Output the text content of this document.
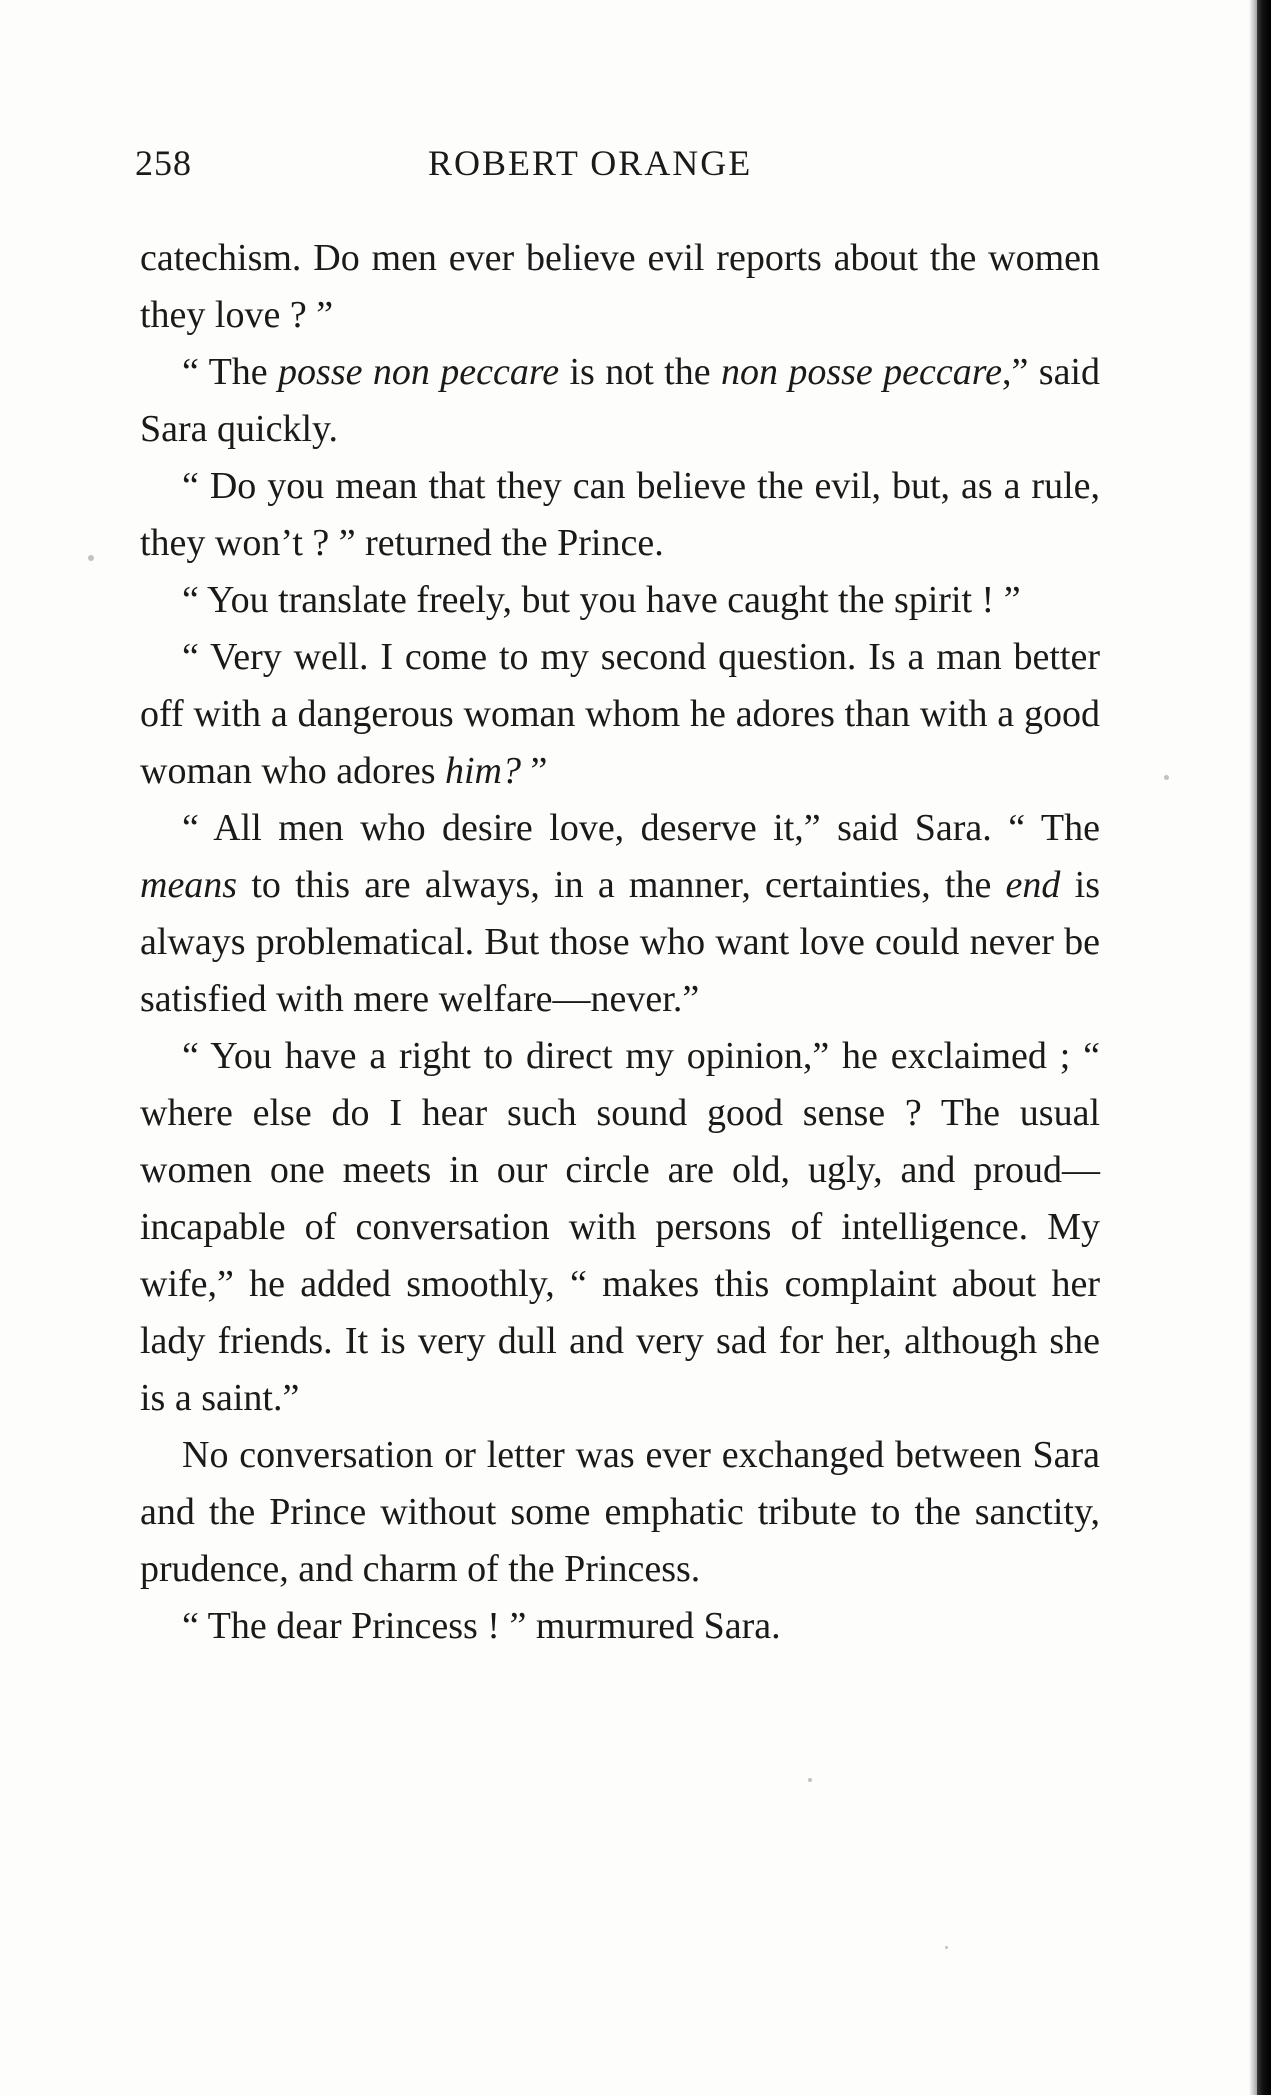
258	ROBERT ORANGE

catechism. Do men ever believe evil reports about the women they love ? ”

“ The posse non peccare is not the non posse peccare,” said Sara quickly.

“ Do you mean that they can believe the evil, but, as a rule, they won’t ? ” returned the Prince.

“ You translate freely, but you have caught the spirit ! ”

“ Very well. I come to my second question. Is a man better off with a dangerous woman whom he adores than with a good woman who adores him? ”

“ All men who desire love, deserve it,” said Sara. “ The means to this are always, in a manner, certainties, the end is always problematical. But those who want love could never be satisfied with mere welfare—never.”

“ You have a right to direct my opinion,” he exclaimed ; “ where else do I hear such sound good sense ? The usual women one meets in our circle are old, ugly, and proud—incapable of conversation with persons of intelligence. My wife,” he added smoothly, “ makes this complaint about her lady friends. It is very dull and very sad for her, although she is a saint.”

No conversation or letter was ever exchanged between Sara and the Prince without some emphatic tribute to the sanctity, prudence, and charm of the Princess.

“ The dear Princess ! ” murmured Sara.
